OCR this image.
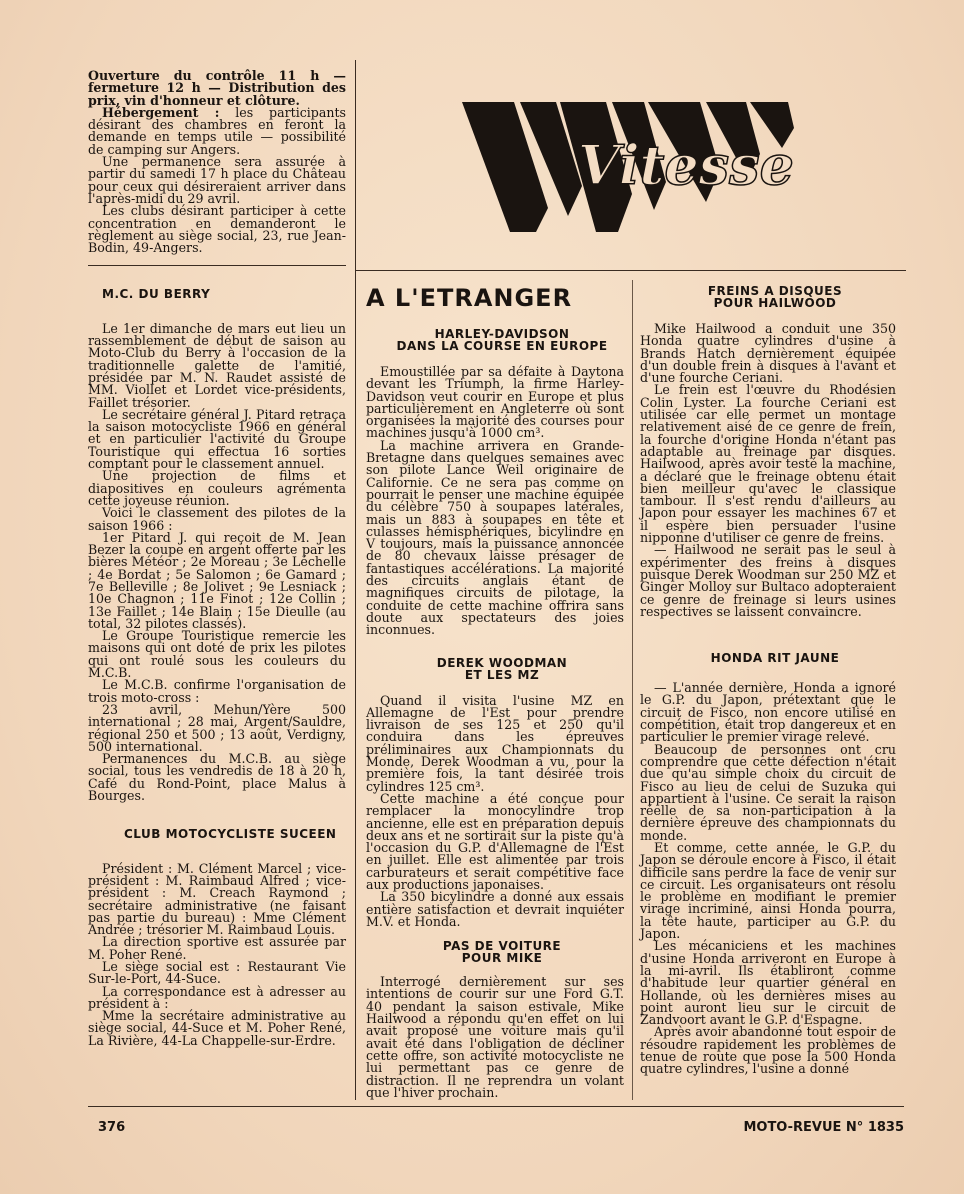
Vitesse
A L'ETRANGER

Ouverture du contrôle 11 h — fermeture 12 h — Distribution des prix, vin d'honneur et clôture.

Hébergement : les participants désirant des chambres en feront la demande en temps utile — possibilité de camping sur Angers.

Une permanence sera assurée à partir du samedi 17 h place du Château pour ceux qui désireraient arriver dans l'après-midi du 29 avril.

Les clubs désirant participer à cette concentration en demanderont le règlement au siège social, 23, rue Jean-Bodin, 49-Angers.

M.C. DU BERRY

Le 1er dimanche de mars eut lieu un rassemblement de début de saison au Moto-Club du Berry à l'occasion de la traditionnelle galette de l'amitié, présidée par M. N. Raudet assisté de MM. Viollet et Lordet vice-présidents, Faillet trésorier.

Le secrétaire général J. Pitard retraça la saison motocycliste 1966 en général et en particulier l'activité du Groupe Touristique qui effectua 16 sorties comptant pour le classement annuel.

Une projection de films et diapositives en couleurs agrémenta cette joyeuse réunion.

Voici le classement des pilotes de la saison 1966 :

1er Pitard J. qui reçoit de M. Jean Bezer la coupe en argent offerte par les bières Météor ; 2e Moreau ; 3e Léchelle ; 4e Bordat ; 5e Salomon ; 6e Gamard ; 7e Belleville ; 8e Jolivet ; 9e Lesniack ; 10e Chagnon ; 11e Finot ; 12e Collin ; 13e Faillet ; 14e Blain ; 15e Dieulle (au total, 32 pilotes classés).

Le Groupe Touristique remercie les maisons qui ont doté de prix les pilotes qui ont roulé sous les couleurs du M.C.B.

Le M.C.B. confirme l'organisation de trois moto-cross :

23 avril, Mehun/Yère 500 international ; 28 mai, Argent/Sauldre, régional 250 et 500 ; 13 août, Verdigny, 500 international.

Permanences du M.C.B. au siège social, tous les vendredis de 18 à 20 h, Café du Rond-Point, place Malus à Bourges.

CLUB MOTOCYCLISTE SUCEEN

Président : M. Clément Marcel ; vice-président : M. Raimbaud Alfred ; vice-président : M. Creach Raymond ; secrétaire administrative (ne faisant pas partie du bureau) : Mme Clément Andrée ; trésorier M. Raimbaud Louis.

La direction sportive est assurée par M. Poher René.

Le siège social est : Restaurant Vie Sur-le-Port, 44-Suce.

La correspondance est à adresser au président à :

Mme la secrétaire administrative au siège social, 44-Suce et M. Poher René, La Rivière, 44-La Chappelle-sur-Erdre.

HARLEY-DAVIDSON

DANS LA COURSE EN EUROPE

Emoustillée par sa défaite à Daytona devant les Triumph, la firme Harley-Davidson veut courir en Europe et plus particulièrement en Angleterre où sont organisées la majorité des courses pour machines jusqu'à 1000 cm³.

La machine arrivera en Grande-Bretagne dans quelques semaines avec son pilote Lance Weil originaire de Californie. Ce ne sera pas comme on pourrait le penser une machine équipée du célèbre 750 à soupapes latérales, mais un 883 à soupapes en tête et culasses hémisphériques, bicylindre en V toujours, mais la puissance annoncée de 80 chevaux laisse présager de fantastiques accélérations. La majorité des circuits anglais étant de magnifiques circuits de pilotage, la conduite de cette machine offrira sans doute aux spectateurs des joies inconnues.

DEREK WOODMAN

ET LES MZ

Quand il visita l'usine MZ en Allemagne de l'Est pour prendre livraison de ses 125 et 250 qu'il conduira dans les épreuves préliminaires aux Championnats du Monde, Derek Woodman a vu, pour la première fois, la tant désirée trois cylindres 125 cm³.

Cette machine a été conçue pour remplacer la monocylindre trop ancienne, elle est en préparation depuis deux ans et ne sortirait sur la piste qu'à l'occasion du G.P. d'Allemagne de l'Est en juillet. Elle est alimentée par trois carburateurs et serait compétitive face aux productions japonaises.

La 350 bicylindre a donné aux essais entière satisfaction et devrait inquiéter M.V. et Honda.

PAS DE VOITURE

POUR MIKE

Interrogé dernièrement sur ses intentions de courir sur une Ford G.T. 40 pendant la saison estivale, Mike Hailwood a répondu qu'en effet on lui avait proposé une voiture mais qu'il avait été dans l'obligation de décliner cette offre, son activité motocycliste ne lui permettant pas ce genre de distraction. Il ne reprendra un volant que l'hiver prochain.

FREINS A DISQUES

POUR HAILWOOD

Mike Hailwood a conduit une 350 Honda quatre cylindres d'usine à Brands Hatch dernièrement équipée d'un double frein à disques à l'avant et d'une fourche Ceriani.

Le frein est l'œuvre du Rhodésien Colin Lyster. La fourche Ceriani est utilisée car elle permet un montage relativement aisé de ce genre de frein, la fourche d'origine Honda n'étant pas adaptable au freinage par disques. Hailwood, après avoir testé la machine, a déclaré que le freinage obtenu était bien meilleur qu'avec le classique tambour. Il s'est rendu d'ailleurs au Japon pour essayer les machines 67 et il espère bien persuader l'usine nipponne d'utiliser ce genre de freins.

— Hailwood ne serait pas le seul à expérimenter des freins à disques puisque Derek Woodman sur 250 MZ et Ginger Molloy sur Bultaco adopteraient ce genre de freinage si leurs usines respectives se laissent convaincre.

HONDA RIT JAUNE

— L'année dernière, Honda a ignoré le G.P. du Japon, prétextant que le circuit de Fisco, non encore utilisé en compétition, était trop dangereux et en particulier le premier virage relevé.

Beaucoup de personnes ont cru comprendre que cette défection n'était due qu'au simple choix du circuit de Fisco au lieu de celui de Suzuka qui appartient à l'usine. Ce serait la raison réelle de sa non-participation à la dernière épreuve des championnats du monde.

Et comme, cette année, le G.P. du Japon se déroule encore à Fisco, il était difficile sans perdre la face de venir sur ce circuit. Les organisateurs ont résolu le problème en modifiant le premier virage incriminé, ainsi Honda pourra, la tête haute, participer au G.P. du Japon.

Les mécaniciens et les machines d'usine Honda arriveront en Europe à la mi-avril. Ils établiront comme d'habitude leur quartier général en Hollande, où les dernières mises au point auront lieu sur le circuit de Zandvoort avant le G.P. d'Espagne.

Après avoir abandonné tout espoir de résoudre rapidement les problèmes de tenue de route que pose la 500 Honda quatre cylindres, l'usine a donné

376	MOTO-REVUE N° 1835
